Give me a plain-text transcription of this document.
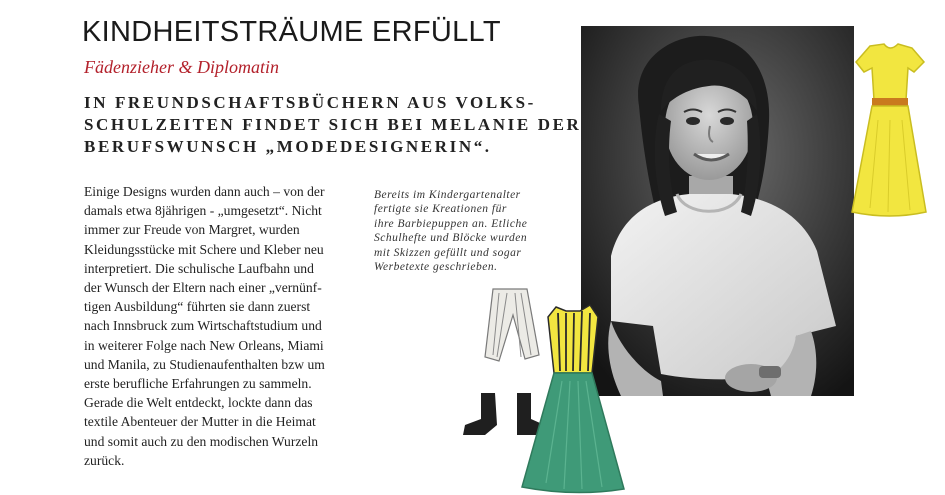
KINDHEITSTRÄUME ERFÜLLT
Fädenzieher & Diplomatin
IN FREUNDSCHAFTSBÜCHERN AUS VOLKS-
SCHULZEITEN FINDET SICH BEI MELANIE DER
BERUFSWUNSCH „MODEDESIGNERIN“.
Einige Designs wurden dann auch – von der
damals etwa 8jährigen - „umgesetzt“. Nicht
immer zur Freude von Margret, wurden
Kleidungsstücke mit Schere und Kleber neu
interpretiert. Die schulische Laufbahn und
der Wunsch der Eltern nach einer „vernünf-
tigen Ausbildung“ führten sie dann zuerst
nach Innsbruck zum Wirtschaftstudium und
in weiterer Folge nach New Orleans, Miami
und Manila, zu Studienaufenthalten bzw um
erste berufliche Erfahrungen zu sammeln.
Gerade die Welt entdeckt, lockte dann das
textile Abenteuer der Mutter in die Heimat
und somit auch zu den modischen Wurzeln
zurück.
Bereits im Kindergartenalter
fertigte sie Kreationen für
ihre Barbiepuppen an. Etliche
Schulhefte und Blöcke wurden
mit Skizzen gefüllt und sogar
Werbetexte geschrieben.
